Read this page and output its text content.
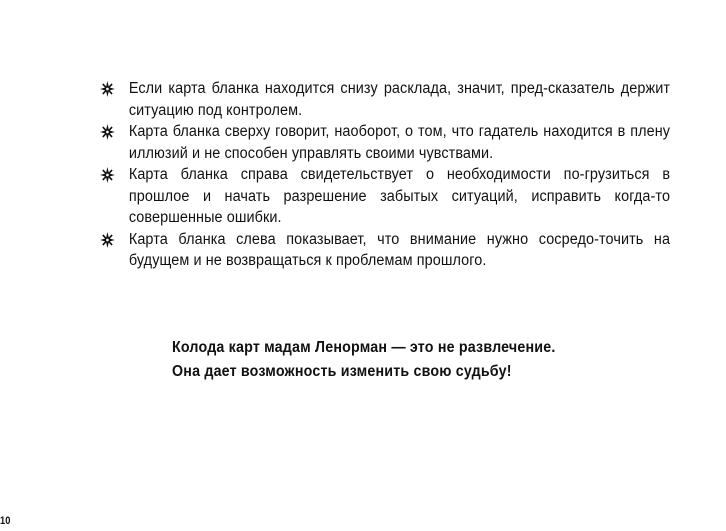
Если карта бланка находится снизу расклада, значит, пред-сказатель держит ситуацию под контролем.
Карта бланка сверху говорит, наоборот, о том, что гадатель находится в плену иллюзий и не способен управлять своими чувствами.
Карта бланка справа свидетельствует о необходимости по-грузиться в прошлое и начать разрешение забытых ситуаций, исправить когда-то совершенные ошибки.
Карта бланка слева показывает, что внимание нужно сосредо-точить на будущем и не возвращаться к проблемам прошлого.
Колода карт мадам Ленорман — это не развлечение.
Она дает возможность изменить свою судьбу!
10
